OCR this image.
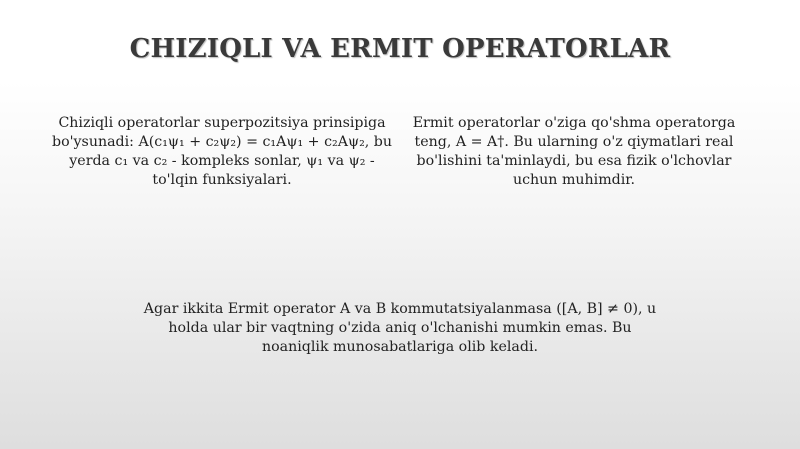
CHIZIQLI VA ERMIT OPERATORLAR
Chiziqli operatorlar superpozitsiya prinsipiga bo'ysunadi: A(c₁ψ₁ + c₂ψ₂) = c₁Aψ₁ + c₂Aψ₂, bu yerda c₁ va c₂ - kompleks sonlar, ψ₁ va ψ₂ - to'lqin funksiyalari.
Ermit operatorlar o'ziga qo'shma operatorga teng, A = A†. Bu ularning o'z qiymatlari real bo'lishini ta'minlaydi, bu esa fizik o'lchovlar uchun muhimdir.
Agar ikkita Ermit operator A va B kommutatsiyalanmasa ([A, B] ≠ 0), u holda ular bir vaqtning o'zida aniq o'lchanishi mumkin emas. Bu noaniqlik munosabatlariga olib keladi.
